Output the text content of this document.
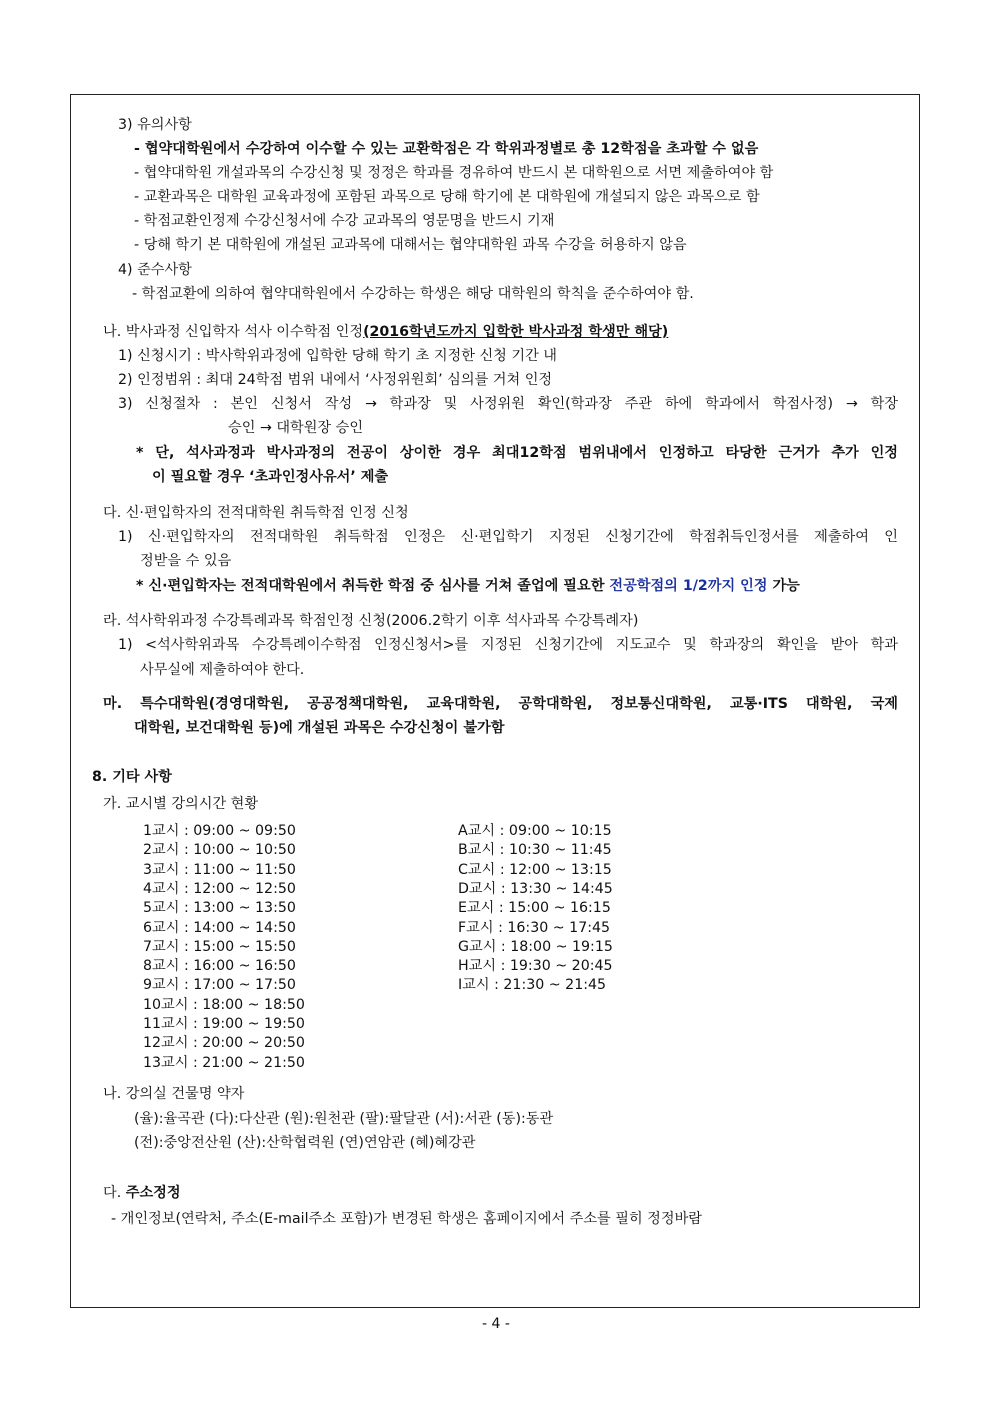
3) 유의사항
- 협약대학원에서 수강하여 이수할 수 있는 교환학점은 각 학위과정별로 총 12학점을 초과할 수 없음
- 협약대학원 개설과목의 수강신청 및 정정은 학과를 경유하여 반드시 본 대학원으로 서면 제출하여야 함
- 교환과목은 대학원 교육과정에 포함된 과목으로 당해 학기에 본 대학원에 개설되지 않은 과목으로 함
- 학점교환인정제 수강신청서에 수강 교과목의 영문명을 반드시 기재
- 당해 학기 본 대학원에 개설된 교과목에 대해서는 협약대학원 과목 수강을 허용하지 않음
4) 준수사항
- 학점교환에 의하여 협약대학원에서 수강하는 학생은 해당 대학원의 학칙을 준수하여야 함.
나. 박사과정 신입학자 석사 이수학점 인정(2016학년도까지 입학한 박사과정 학생만 해당)
1) 신청시기 : 박사학위과정에 입학한 당해 학기 초 지정한 신청 기간 내
2) 인정범위 : 최대 24학점 범위 내에서 ‘사정위원회’ 심의를 거쳐 인정
3) 신청절차 : 본인 신청서 작성 → 학과장 및 사정위원 확인(학과장 주관 하에 학과에서 학점사정) → 학장
승인 → 대학원장 승인
* 단, 석사과정과 박사과정의 전공이 상이한 경우 최대12학점 범위내에서 인정하고 타당한 근거가 추가 인정
이 필요할 경우 ‘초과인정사유서’ 제출
다. 신·편입학자의 전적대학원 취득학점 인정 신청
1) 신·편입학자의 전적대학원 취득학점 인정은 신·편입학기 지정된 신청기간에 학점취득인정서를 제출하여 인
정받을 수 있음
* 신·편입학자는 전적대학원에서 취득한 학점 중 심사를 거쳐 졸업에 필요한 전공학점의 1/2까지 인정 가능
라. 석사학위과정 수강특례과목 학점인정 신청(2006.2학기 이후 석사과목 수강특례자)
1) <석사학위과목 수강특례이수학점 인정신청서>를 지정된 신청기간에 지도교수 및 학과장의 확인을 받아 학과
사무실에 제출하여야 한다.
마. 특수대학원(경영대학원, 공공정책대학원, 교육대학원, 공학대학원, 정보통신대학원, 교통·ITS 대학원, 국제
대학원, 보건대학원 등)에 개설된 과목은 수강신청이 불가함
8. 기타 사항
가. 교시별 강의시간 현황
1교시 : 09:00 ~ 09:50
2교시 : 10:00 ~ 10:50
3교시 : 11:00 ~ 11:50
4교시 : 12:00 ~ 12:50
5교시 : 13:00 ~ 13:50
6교시 : 14:00 ~ 14:50
7교시 : 15:00 ~ 15:50
8교시 : 16:00 ~ 16:50
9교시 : 17:00 ~ 17:50
10교시 : 18:00 ~ 18:50
11교시 : 19:00 ~ 19:50
12교시 : 20:00 ~ 20:50
13교시 : 21:00 ~ 21:50
A교시 : 09:00 ~ 10:15
B교시 : 10:30 ~ 11:45
C교시 : 12:00 ~ 13:15
D교시 : 13:30 ~ 14:45
E교시 : 15:00 ~ 16:15
F교시 : 16:30 ~ 17:45
G교시 : 18:00 ~ 19:15
H교시 : 19:30 ~ 20:45
I교시 : 21:30 ~ 21:45
나. 강의실 건물명 약자
(율):율곡관 (다):다산관 (원):원천관 (팔):팔달관 (서):서관 (동):동관
(전):중앙전산원 (산):산학협력원 (연)연암관 (혜)혜강관
다. 주소정정
- 개인정보(연락처, 주소(E-mail주소 포함)가 변경된 학생은 홈페이지에서 주소를 필히 정정바람
- 4 -
